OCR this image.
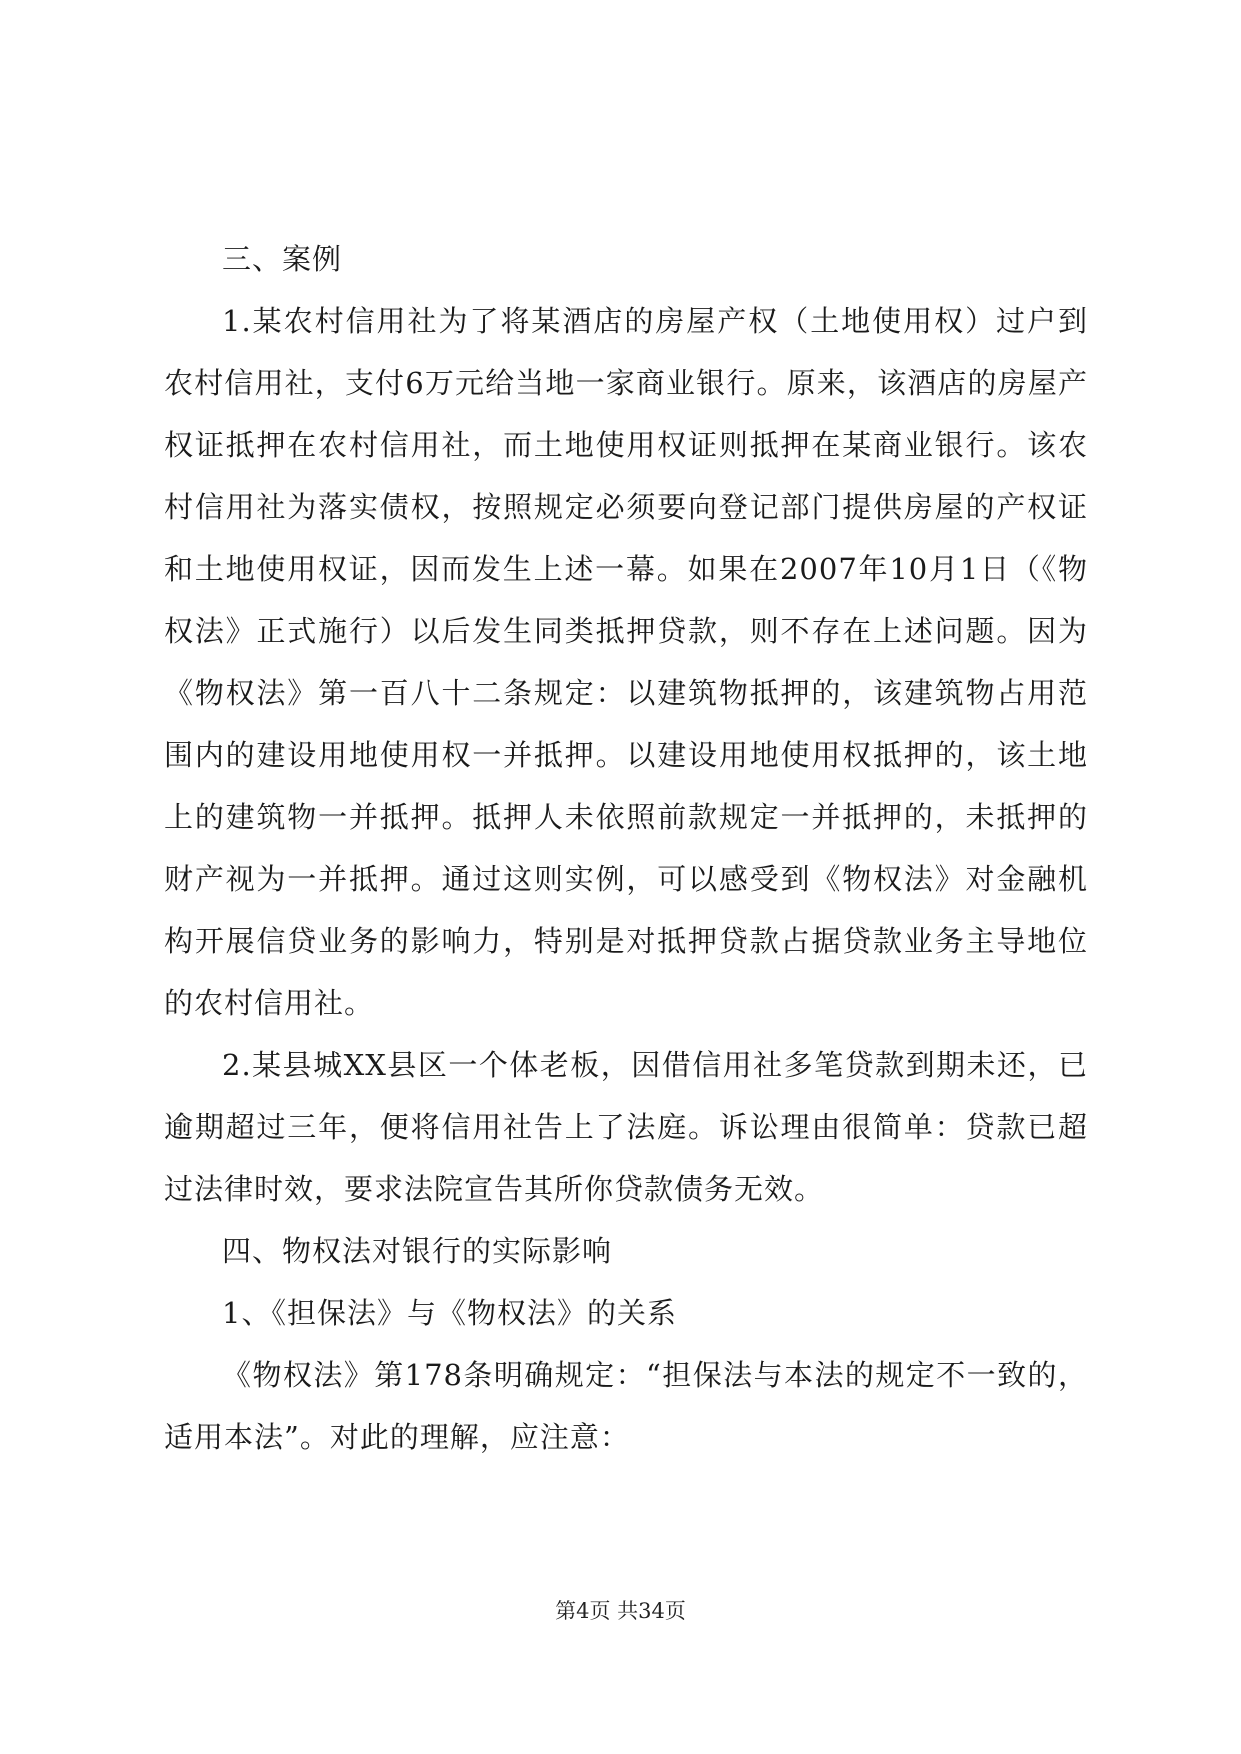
三、案例

1.某农村信用社为了将某酒店的房屋产权（土地使用权）过户到农村信用社，支付6万元给当地一家商业银行。原来，该酒店的房屋产权证抵押在农村信用社，而土地使用权证则抵押在某商业银行。该农村信用社为落实债权，按照规定必须要向登记部门提供房屋的产权证和土地使用权证，因而发生上述一幕。如果在2007年10月1日（《物权法》正式施行）以后发生同类抵押贷款，则不存在上述问题。因为《物权法》第一百八十二条规定：以建筑物抵押的，该建筑物占用范围内的建设用地使用权一并抵押。以建设用地使用权抵押的，该土地上的建筑物一并抵押。抵押人未依照前款规定一并抵押的，未抵押的财产视为一并抵押。通过这则实例，可以感受到《物权法》对金融机构开展信贷业务的影响力，特别是对抵押贷款占据贷款业务主导地位的农村信用社。

2.某县城XX县区一个体老板，因借信用社多笔贷款到期未还，已逾期超过三年，便将信用社告上了法庭。诉讼理由很简单：贷款已超过法律时效，要求法院宣告其所你贷款债务无效。

四、物权法对银行的实际影响

1、《担保法》与《物权法》的关系

《物权法》第178条明确规定：“担保法与本法的规定不一致的，适用本法”。对此的理解，应注意：

第4页 共34页
